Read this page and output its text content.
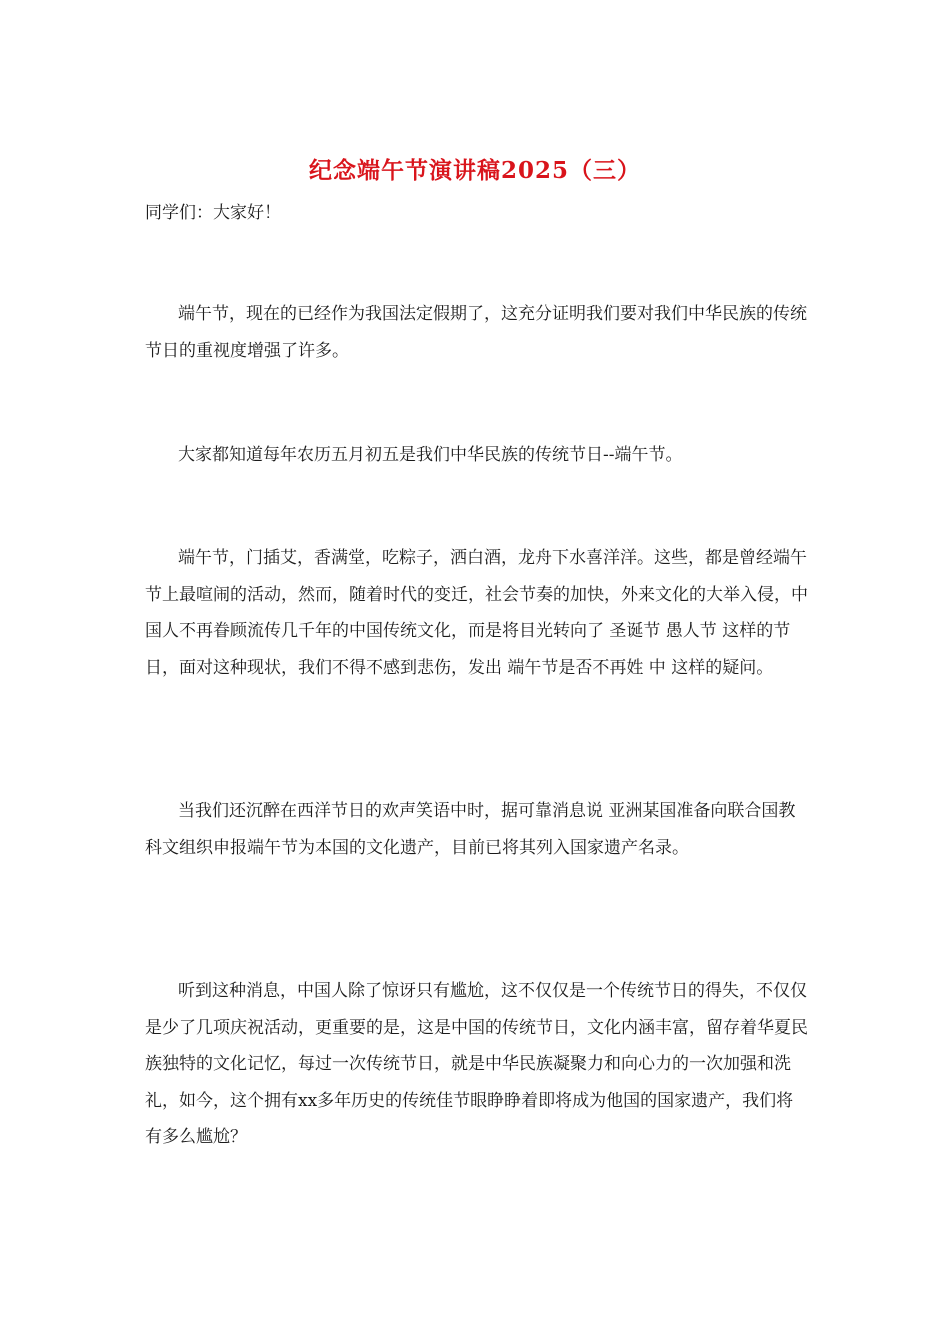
纪念端午节演讲稿2025（三）
同学们：大家好！

端午节，现在的已经作为我国法定假期了，这充分证明我们要对我们中华民族的传统节日的重视度增强了许多。

大家都知道每年农历五月初五是我们中华民族的传统节日--端午节。

端午节，门插艾，香满堂，吃粽子，洒白酒，龙舟下水喜洋洋。这些，都是曾经端午节上最喧闹的活动，然而，随着时代的变迁，社会节奏的加快，外来文化的大举入侵，中国人不再眷顾流传几千年的中国传统文化，而是将目光转向了 圣诞节 愚人节 这样的节日，面对这种现状，我们不得不感到悲伤，发出 端午节是否不再姓 中 这样的疑问。

当我们还沉醉在西洋节日的欢声笑语中时，据可靠消息说 亚洲某国准备向联合国教科文组织申报端午节为本国的文化遗产，目前已将其列入国家遗产名录。

听到这种消息，中国人除了惊讶只有尴尬，这不仅仅是一个传统节日的得失，不仅仅是少了几项庆祝活动，更重要的是，这是中国的传统节日，文化内涵丰富，留存着华夏民族独特的文化记忆，每过一次传统节日，就是中华民族凝聚力和向心力的一次加强和洗礼，如今，这个拥有xx多年历史的传统佳节眼睁睁着即将成为他国的国家遗产，我们将有多么尴尬？
